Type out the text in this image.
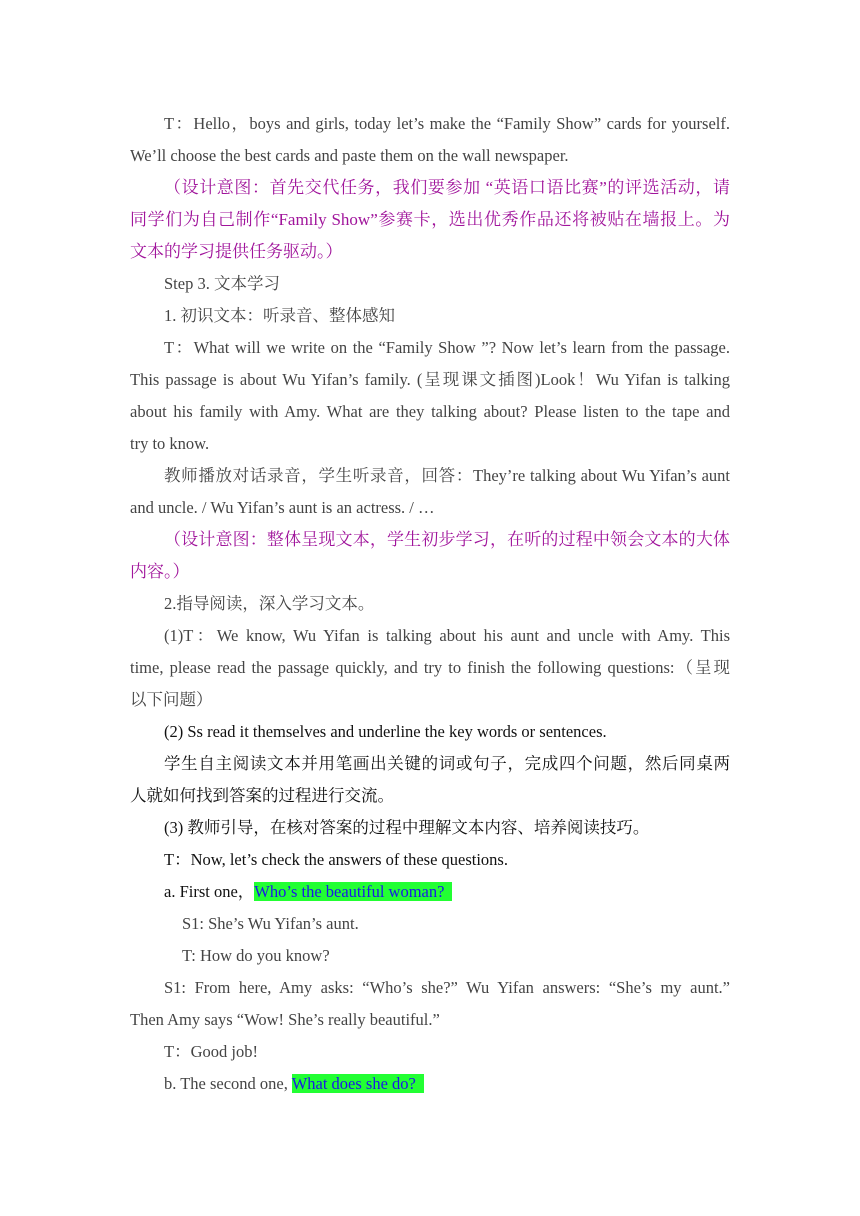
T：Hello，boys and girls, today let’s make the “Family Show” cards for yourself.
We’ll choose the best cards and paste them on the wall newspaper.
（设计意图：首先交代任务，我们要参加 “英语口语比赛”的评选活动，请
同学们为自己制作“Family Show”参赛卡，选出优秀作品还将被贴在墙报上。为
文本的学习提供任务驱动。）
Step 3. 文本学习
1. 初识文本：听录音、整体感知
T：What will we write on the “Family Show ”? Now let’s learn from the passage.
This passage is about Wu Yifan’s family. (呈现课文插图)Look！Wu Yifan is talking
about his family with Amy. What are they talking about? Please listen to the tape and
try to know.
教师播放对话录音，学生听录音，回答：They’re talking about Wu Yifan’s aunt
and uncle. / Wu Yifan’s aunt is an actress. / …
（设计意图：整体呈现文本，学生初步学习，在听的过程中领会文本的大体
内容。）
2.指导阅读，深入学习文本。
(1)T：We know, Wu Yifan is talking about his aunt and uncle with Amy. This
time, please read the passage quickly, and try to finish the following questions:（呈现
以下问题）
(2) Ss read it themselves and underline the key words or sentences.
学生自主阅读文本并用笔画出关键的词或句子，完成四个问题，然后同桌两
人就如何找到答案的过程进行交流。
(3) 教师引导，在核对答案的过程中理解文本内容、培养阅读技巧。
T：Now, let’s check the answers of these questions.
a. First one，Who’s the beautiful woman?
S1: She’s Wu Yifan’s aunt.
T: How do you know?
S1: From here, Amy asks: “Who’s she?” Wu Yifan answers: “She’s my aunt.”
Then Amy says “Wow! She’s really beautiful.”
T：Good job!
b. The second one, What does she do?
